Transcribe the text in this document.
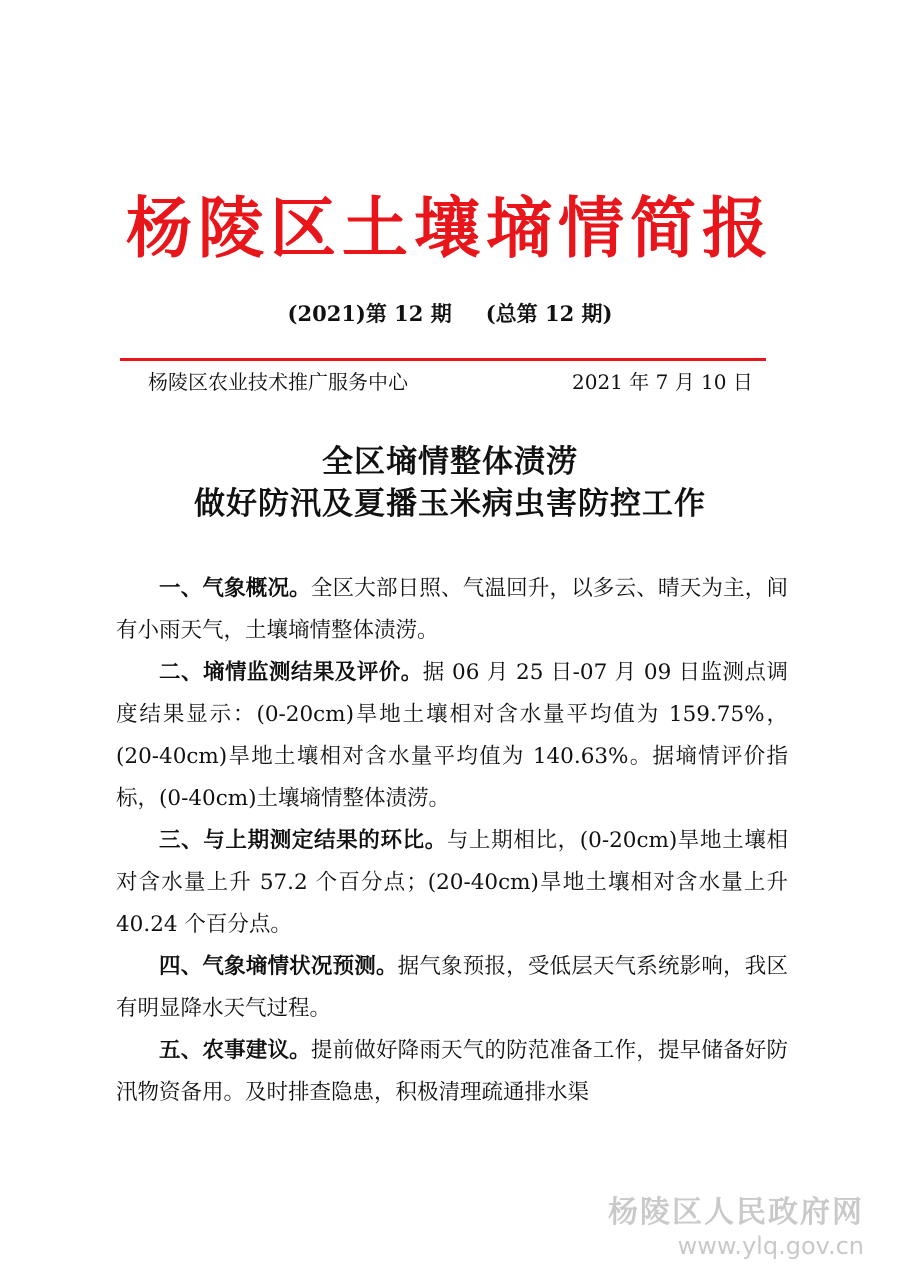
杨陵区土壤墒情简报
(2021)第 12 期 (总第 12 期)
杨陵区农业技术推广服务中心	2021 年 7 月 10 日
全区墒情整体渍涝
做好防汛及夏播玉米病虫害防控工作

一、气象概况。全区大部日照、气温回升，以多云、晴天为主，间有小雨天气，土壤墒情整体渍涝。

二、墒情监测结果及评价。据 06 月 25 日-07 月 09 日监测点调度结果显示：(0-20cm)旱地土壤相对含水量平均值为 159.75%，(20-40cm)旱地土壤相对含水量平均值为 140.63%。据墒情评价指标，(0-40cm)土壤墒情整体渍涝。

三、与上期测定结果的环比。与上期相比，(0-20cm)旱地土壤相对含水量上升 57.2 个百分点；(20-40cm)旱地土壤相对含水量上升 40.24 个百分点。

四、气象墒情状况预测。据气象预报，受低层天气系统影响，我区有明显降水天气过程。

五、农事建议。提前做好降雨天气的防范准备工作，提早储备好防汛物资备用。及时排查隐患，积极清理疏通排水渠

杨陵区人民政府网
www.ylq.gov.cn
